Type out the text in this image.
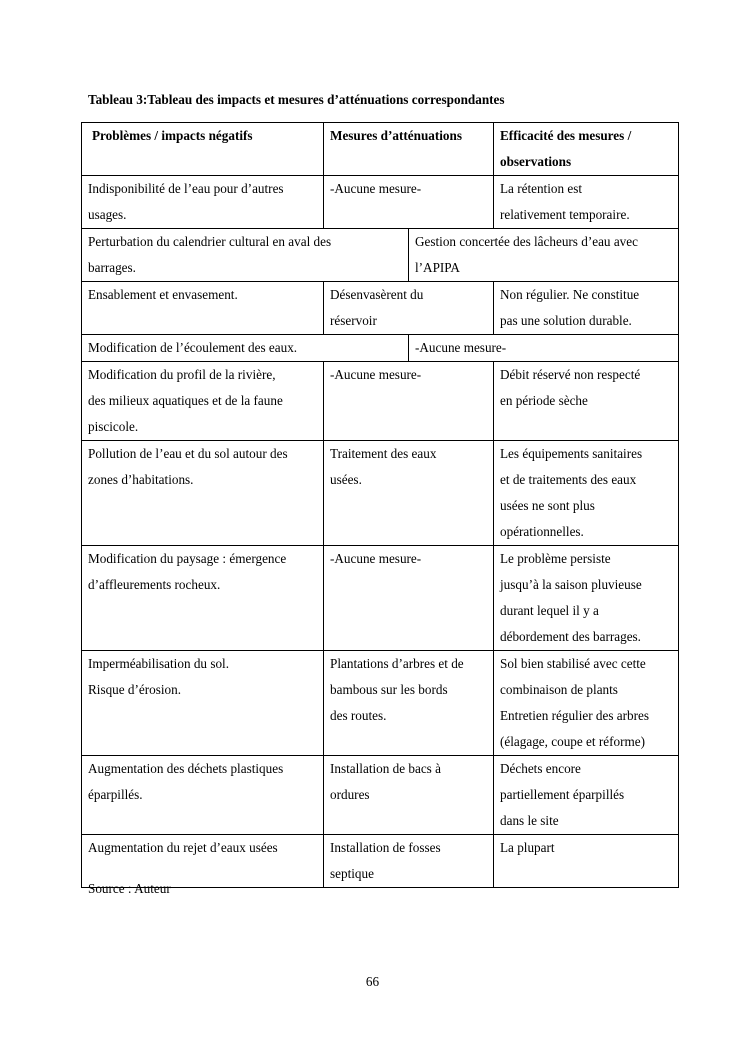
Tableau 3:Tableau des impacts et mesures d’atténuations correspondantes
Problèmes / impacts négatifs	Mesures d’atténuations		Efficacité des mesures /
observations

Indisponibilité de l’eau pour d’autres
usages.	-Aucune mesure-		La rétention est
relativement temporaire.

Perturbation du calendrier cultural en aval des
barrages.		Gestion concertée des lâcheurs d’eau avec
l’APIPA	

Ensablement et envasement.	Désenvasèrent du
réservoir		Non régulier. Ne constitue
pas une solution durable.

Modification de l’écoulement des eaux.		-Aucune mesure-	

Modification du profil de la rivière,
des milieux aquatiques et de la faune
piscicole.	-Aucune mesure-		Débit réservé non respecté
en période sèche

Pollution de l’eau et du sol autour des
zones d’habitations.	Traitement des eaux
usées.		Les équipements sanitaires
et de traitements des eaux
usées ne sont plus
opérationnelles.

Modification du paysage : émergence
d’affleurements rocheux.	-Aucune mesure-		Le problème persiste
jusqu’à la saison pluvieuse
durant lequel il y a
débordement des barrages.

Imperméabilisation du sol.
Risque d’érosion.	Plantations d’arbres et de
bambous sur les bords
des routes.		Sol bien stabilisé avec cette
combinaison de plants
Entretien régulier des arbres
(élagage, coupe et réforme)

Augmentation des déchets plastiques
éparpillés.	Installation de bacs à
ordures		Déchets encore
partiellement éparpillés
dans le site

Augmentation du rejet d’eaux usées	Installation de fosses
septique		La plupart
Source : Auteur
66
